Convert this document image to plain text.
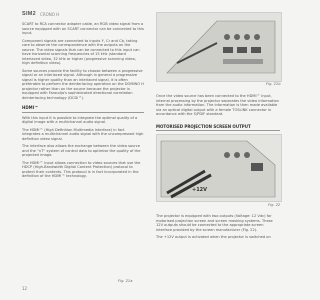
SIM2 CRONO H

SCART to RCA connector adapter cable, an RGB video signal from a source equipped with an SCART connector can be connected to this input.

Component signals are connected to inputs Y, Cr and Cb, taking care to observe the correspondence with the outputs on the source. The video signals that can be connected to this input can have horizontal scanning frequencies of 15 kHz (standard interlaced video, 32 kHz or higher (progressive scanning video, high definition video).

Some sources provide the facility to choose between a progressive signal or an interlaced signal. Although in general a progressive signal is higher quality than an interlaced signal, it is often preferable to perform the deinterlacing operation on the DOMINO H projector rather than on the source because the projector is equipped with Faroudja's sophisticated directional correlation deinterlacing technology (DCDi™).

HDMI™

With this input it is possible to integrate the optimal quality of a digital image with a multichannel audio signal.

The HDMI™ (High Definition Multimedia Interface) in fact integrates a multichannel audio signal with the uncompressed high definition video signal.

The interface also allows the exchange between the video source and the ''nT'' system of control data to optimise the quality of the projected image.

The HDMI™ input allows connection to video sources that use the HDCP (High-Bandwidth Digital Content Protection) protocol to protect their contents. This protocol is in fact incorporated in the definition of the HDMI™ technology.

Fig. 21a
Fig. 21b

Once the video source has been connected to the HDMI™ input, internal processing by the projector separates the video information from the audio information. The information is then made available via an optical digital output with a female TOSLINK connector in accordance with the S/PDIF standard.

MOTORISED PROJECTION SCREEN OUTPUT
+12V
Fig. 22

The projector is equipped with two outputs (Voltage: 12 Vdc) for motorised projection screen and screen masking systems. These 12V outputs should be connected to the appropriate screen interface provided by the screen manufacturer (Fig. 22).

The +12V output is activated when the projector is switched on

12
